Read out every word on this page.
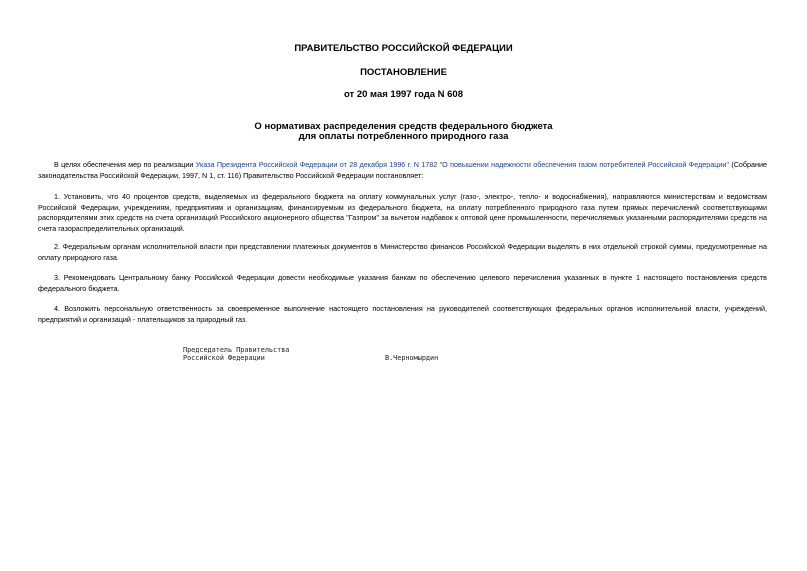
ПРАВИТЕЛЬСТВО РОССИЙСКОЙ ФЕДЕРАЦИИ
ПОСТАНОВЛЕНИЕ
от 20 мая 1997 года N 608
О нормативах распределения средств федерального бюджета
для оплаты потребленного природного газа
В целях обеспечения мер по реализации Указа Президента Российской Федерации от 28 декабря 1996 г. N 1782 "О повышении надежности обеспечения газом потребителей Российской Федерации" (Собрание законодательства Российской Федерации, 1997, N 1, ст. 116) Правительство Российской Федерации постановляет:
1. Установить, что 40 процентов средств, выделяемых из федерального бюджета на оплату коммунальных услуг (газо-, электро-, тепло- и водоснабжения), направляются министерствам и ведомствам Российской Федерации, учреждениям, предприятиям и организациям, финансируемым из федерального бюджета, на оплату потребленного природного газа путем прямых перечислений соответствующими распорядителями этих средств на счета организаций Российского акционерного общества "Газпром" за вычетом надбавок к оптовой цене промышленности, перечисляемых указанными распорядителями средств на счета газораспределительных организаций.
2. Федеральным органам исполнительной власти при представлении платежных документов в Министерство финансов Российской Федерации выделять в них отдельной строкой суммы, предусмотренные на оплату природного газа.
3. Рекомендовать Центральному банку Российской Федерации довести необходимые указания банкам по обеспечению целевого перечисления указанных в пункте 1 настоящего постановления средств федерального бюджета.
4. Возложить персональную ответственность за своевременное выполнение настоящего постановления на руководителей соответствующих федеральных органов исполнительной власти, учреждений, предприятий и организаций - плательщиков за природный газ.
Председатель Правительства
Российской Федерации	В.Черномырдин
